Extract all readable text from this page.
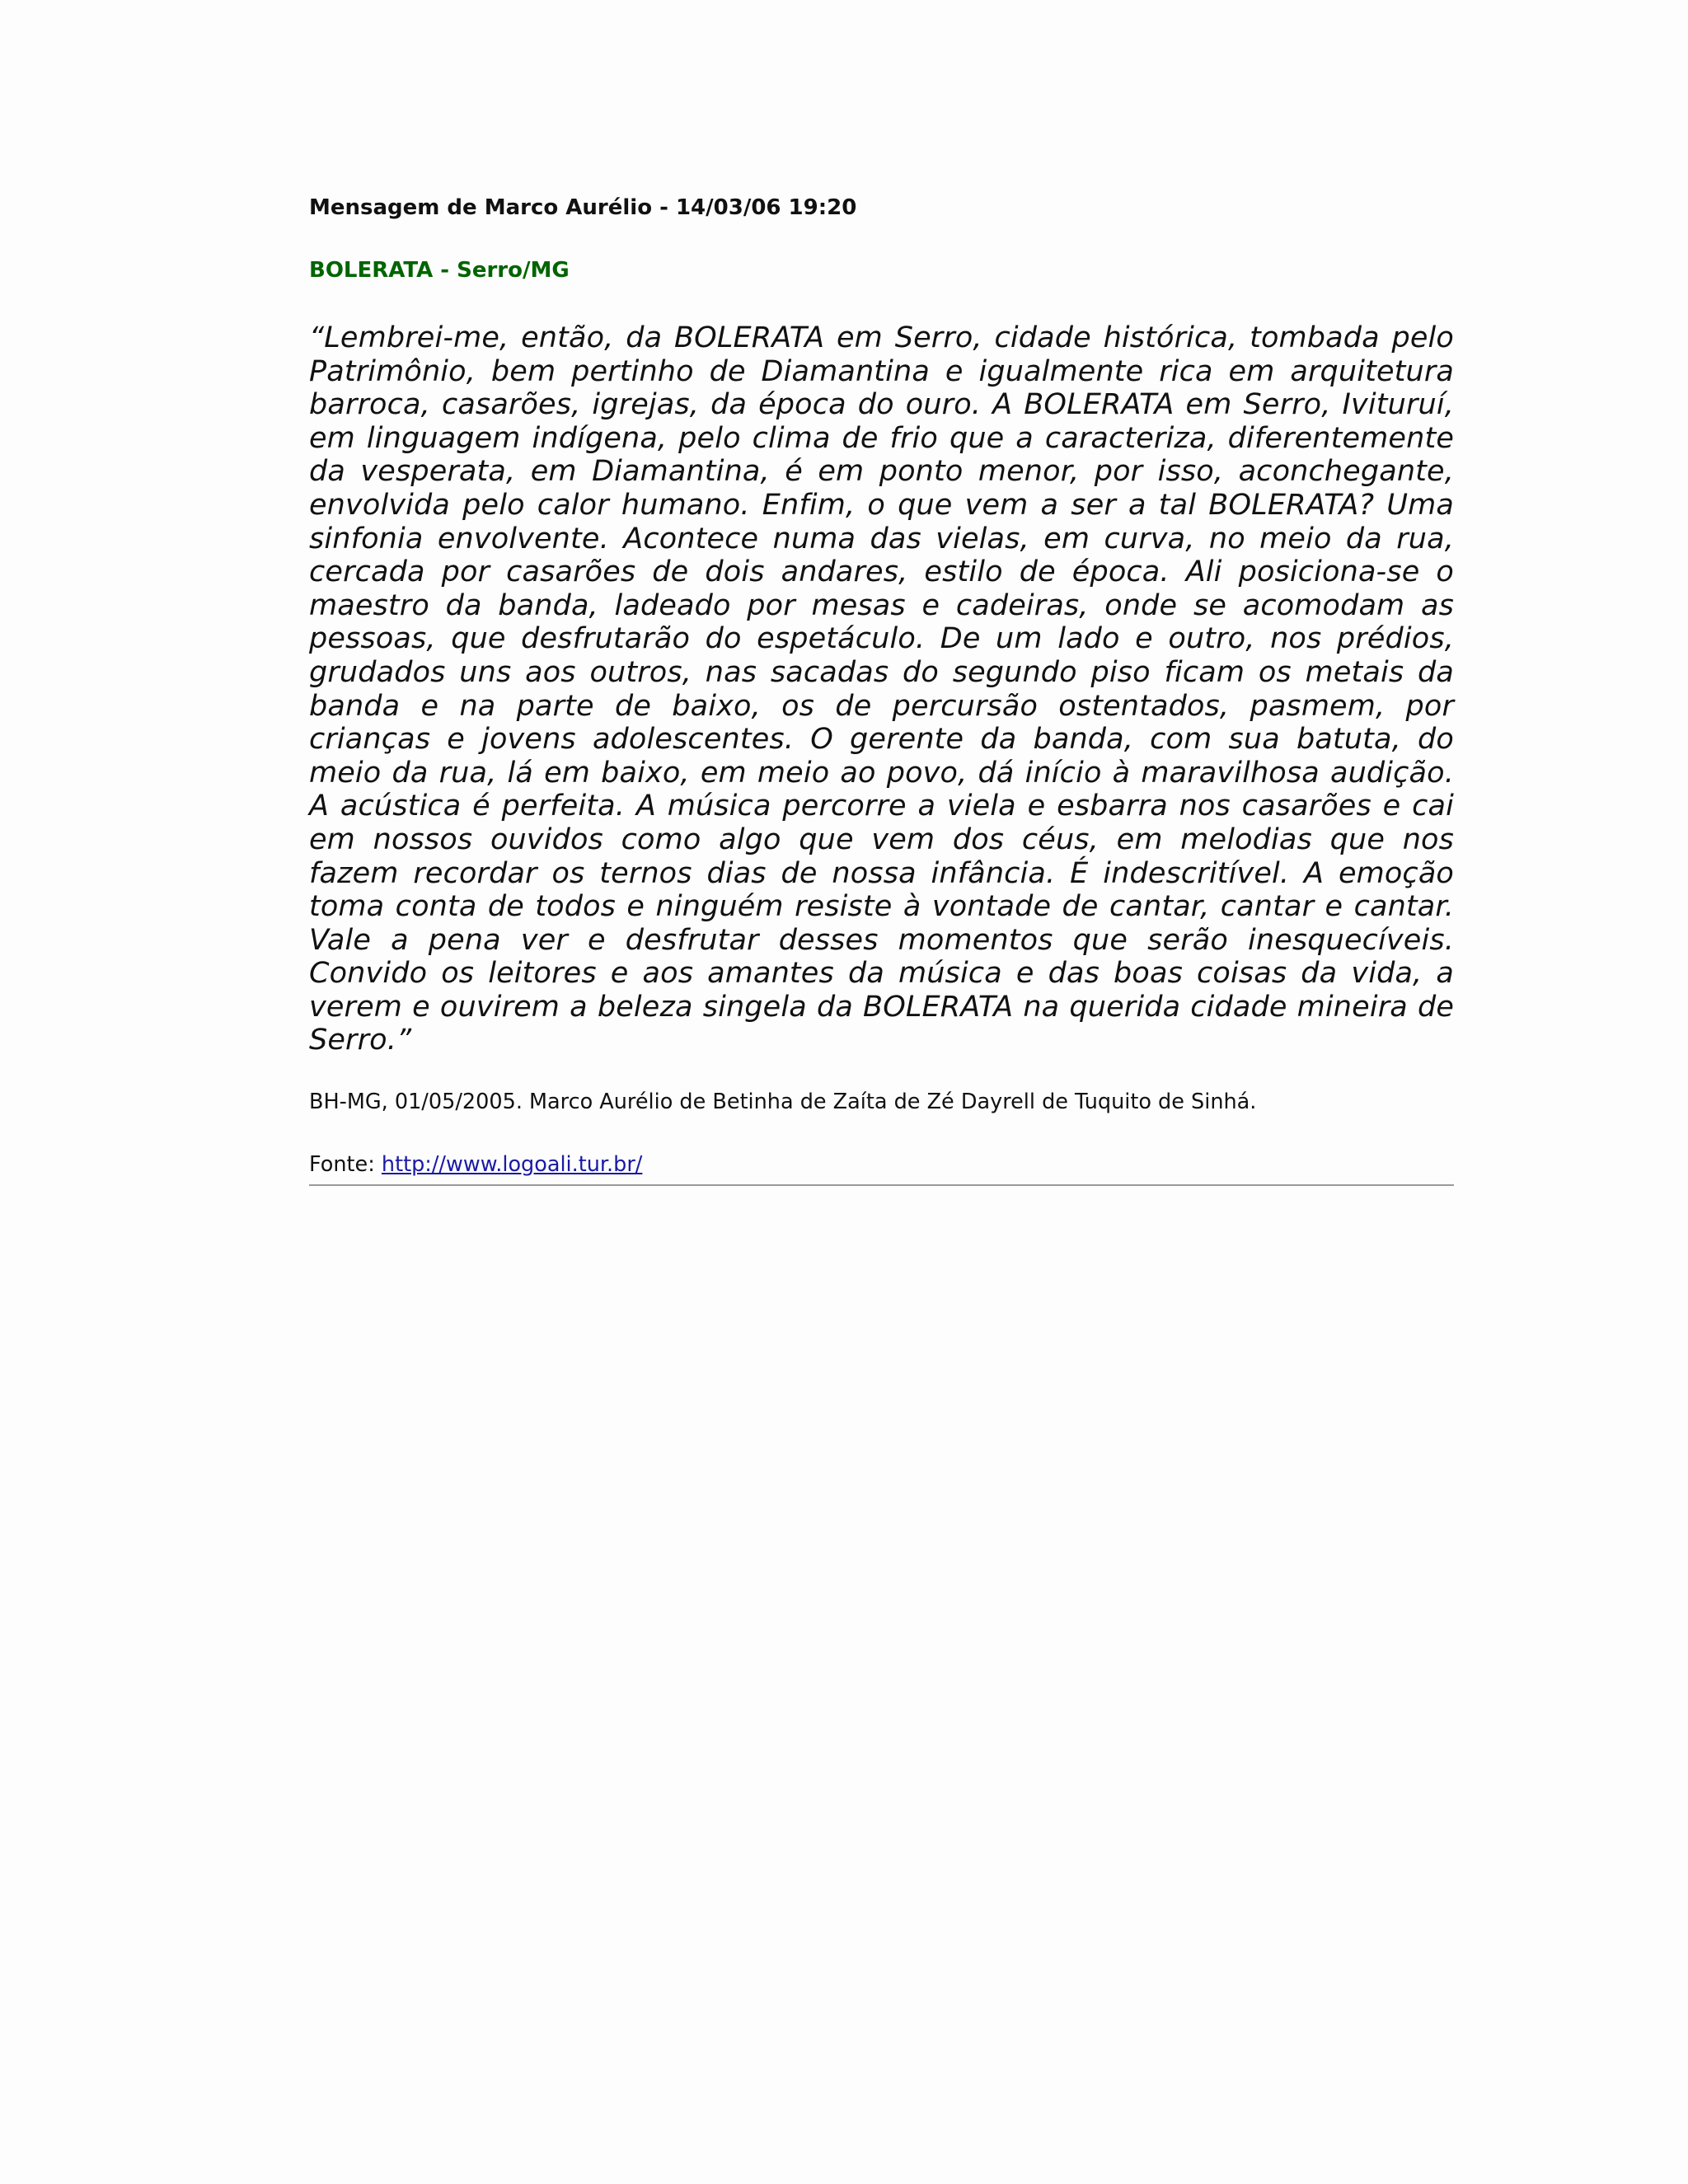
Mensagem de Marco Aurélio - 14/03/06 19:20

BOLERATA - Serro/MG

“Lembrei-me, então, da BOLERATA em Serro, cidade histórica, tombada pelo Patrimônio, bem pertinho de Diamantina e igualmente rica em arquitetura barroca, casarões, igrejas, da época do ouro. A BOLERATA em Serro, Ivituruí, em linguagem indígena, pelo clima de frio que a caracteriza, diferentemente da vesperata, em Diamantina, é em ponto menor, por isso, aconchegante, envolvida pelo calor humano. Enfim, o que vem a ser a tal BOLERATA? Uma sinfonia envolvente. Acontece numa das vielas, em curva, no meio da rua, cercada por casarões de dois andares, estilo de época. Ali posiciona-se o maestro da banda, ladeado por mesas e cadeiras, onde se acomodam as pessoas, que desfrutarão do espetáculo. De um lado e outro, nos prédios, grudados uns aos outros, nas sacadas do segundo piso ficam os metais da banda e na parte de baixo, os de percursão ostentados, pasmem, por crianças e jovens adolescentes. O gerente da banda, com sua batuta, do meio da rua, lá em baixo, em meio ao povo, dá início à maravilhosa audição. A acústica é perfeita. A música percorre a viela e esbarra nos casarões e cai em nossos ouvidos como algo que vem dos céus, em melodias que nos fazem recordar os ternos dias de nossa infância. É indescritível. A emoção toma conta de todos e ninguém resiste à vontade de cantar, cantar e cantar. Vale a pena ver e desfrutar desses momentos que serão inesquecíveis. Convido os leitores e aos amantes da música e das boas coisas da vida, a verem e ouvirem a beleza singela da BOLERATA na querida cidade mineira de Serro.”

BH-MG, 01/05/2005. Marco Aurélio de Betinha de Zaíta de Zé Dayrell de Tuquito de Sinhá.

Fonte: http://www.logoali.tur.br/
